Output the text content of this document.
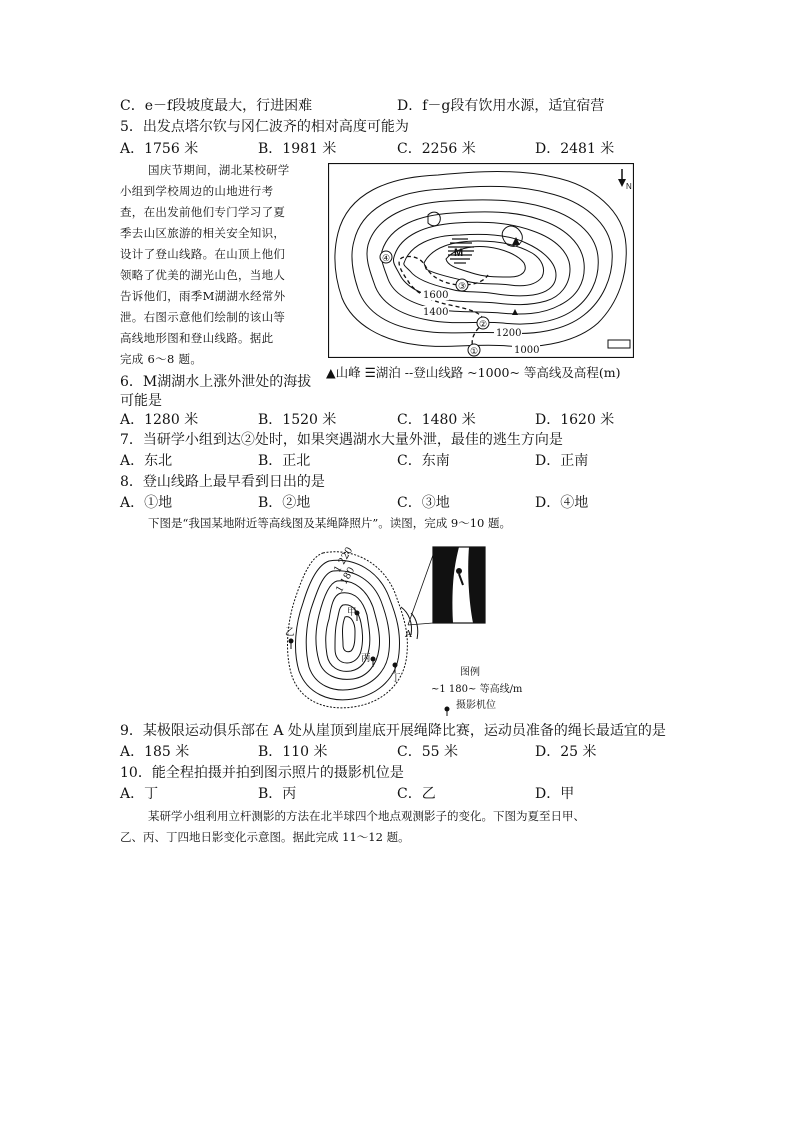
C．e－f段坡度最大，行进困难	D．f－g段有饮用水源，适宜宿营
5．出发点塔尔钦与冈仁波齐的相对高度可能为
A．1756 米	B．1981 米	C．2256 米	D．2481 米
国庆节期间，湖北某校研学
小组到学校周边的山地进行考
查，在出发前他们专门学习了夏
季去山区旅游的相关安全知识，
设计了登山线路。在山顶上他们
领略了优美的湖光山色，当地人
告诉他们，雨季M湖湖水经常外
泄。右图示意他们绘制的该山等
高线地形图和登山线路。据此
完成 6～8 题。
M
①
②
③
④
1600
1400
1200
1000
N
▲山峰 ☰湖泊 --登山线路 ~1000~ 等高线及高程(m)
6．M湖湖水上涨外泄处的海拔
可能是
A．1280 米	B．1520 米	C．1480 米	D．1620 米
7．当研学小组到达②处时，如果突遇湖水大量外泄，最佳的逃生方向是
A．东北	B．正北	C．东南	D．正南
8．登山线路上最早看到日出的是
A．①地	B．②地	C．③地	D．④地
下图是“我国某地附近等高线图及某绳降照片”。读图，完成 9～10 题。
1 220
1 180
甲
乙
丙
丁
A
图例
~1 180~ 等高线/m
摄影机位
9．某极限运动俱乐部在 A 处从崖顶到崖底开展绳降比赛，运动员准备的绳长最适宜的是
A．185 米	B．110 米	C．55 米	D．25 米
10．能全程拍摄并拍到图示照片的摄影机位是
A．丁	B．丙	C．乙	D．甲
某研学小组利用立杆测影的方法在北半球四个地点观测影子的变化。下图为夏至日甲、
乙、丙、丁四地日影变化示意图。据此完成 11～12 题。
